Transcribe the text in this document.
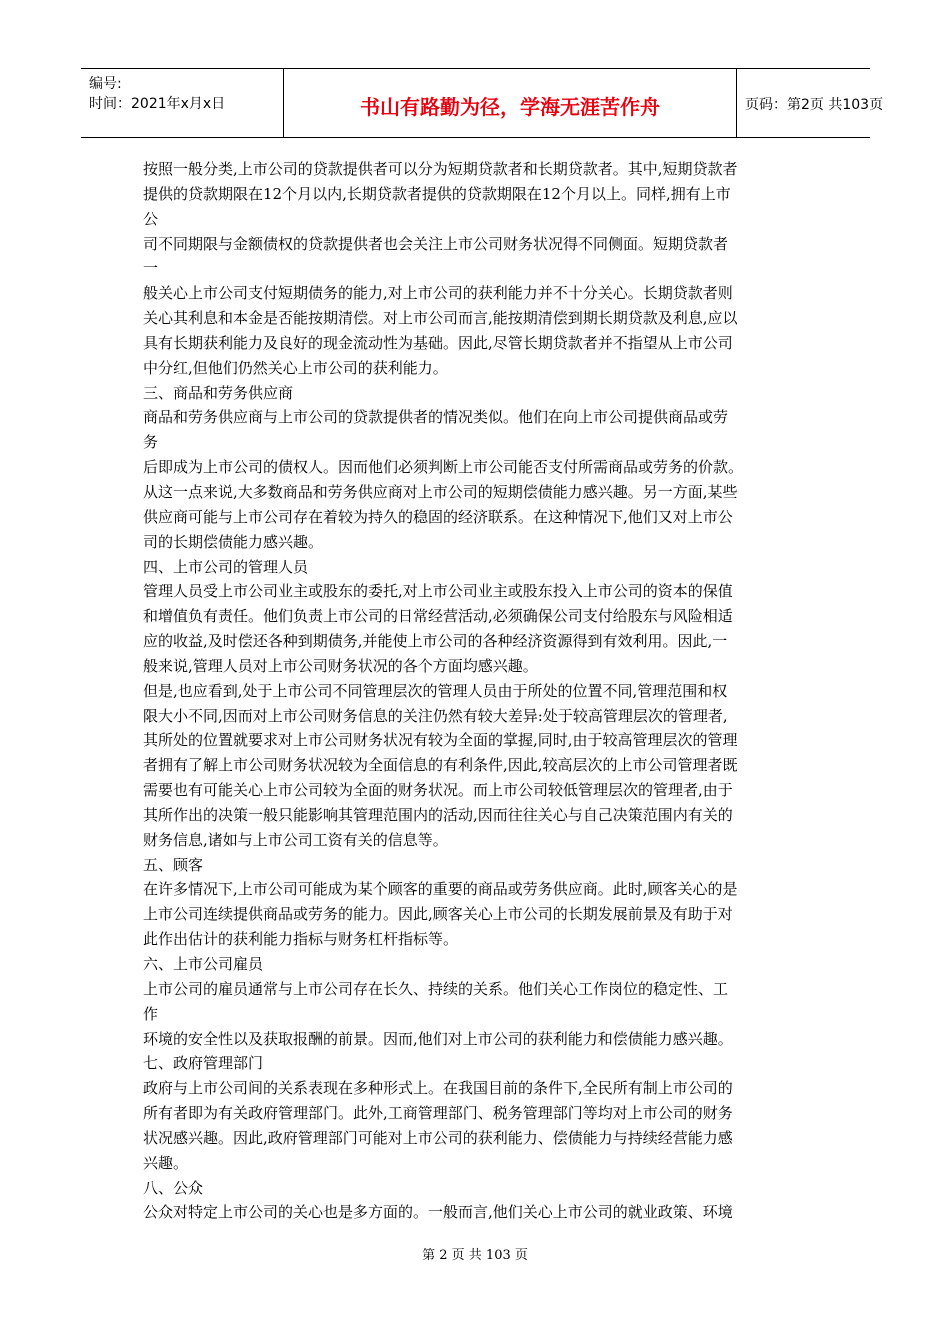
编号:
时间：2021年x月x日	书山有路勤为径，学海无涯苦作舟	页码：第2页 共103页
按照一般分类,上市公司的贷款提供者可以分为短期贷款者和长期贷款者。其中,短期贷款者
提供的贷款期限在12个月以内,长期贷款者提供的贷款期限在12个月以上。同样,拥有上市
公
司不同期限与金额债权的贷款提供者也会关注上市公司财务状况得不同侧面。短期贷款者
一
般关心上市公司支付短期债务的能力,对上市公司的获利能力并不十分关心。长期贷款者则
关心其利息和本金是否能按期清偿。对上市公司而言,能按期清偿到期长期贷款及利息,应以
具有长期获利能力及良好的现金流动性为基础。因此,尽管长期贷款者并不指望从上市公司
中分红,但他们仍然关心上市公司的获利能力。
三、商品和劳务供应商
商品和劳务供应商与上市公司的贷款提供者的情况类似。他们在向上市公司提供商品或劳
务
后即成为上市公司的债权人。因而他们必须判断上市公司能否支付所需商品或劳务的价款。
从这一点来说,大多数商品和劳务供应商对上市公司的短期偿债能力感兴趣。另一方面,某些
供应商可能与上市公司存在着较为持久的稳固的经济联系。在这种情况下,他们又对上市公
司的长期偿债能力感兴趣。
四、上市公司的管理人员
管理人员受上市公司业主或股东的委托,对上市公司业主或股东投入上市公司的资本的保值
和增值负有责任。他们负责上市公司的日常经营活动,必须确保公司支付给股东与风险相适
应的收益,及时偿还各种到期债务,并能使上市公司的各种经济资源得到有效利用。因此,一
般来说,管理人员对上市公司财务状况的各个方面均感兴趣。
但是,也应看到,处于上市公司不同管理层次的管理人员由于所处的位置不同,管理范围和权
限大小不同,因而对上市公司财务信息的关注仍然有较大差异:处于较高管理层次的管理者,
其所处的位置就要求对上市公司财务状况有较为全面的掌握,同时,由于较高管理层次的管理
者拥有了解上市公司财务状况较为全面信息的有利条件,因此,较高层次的上市公司管理者既
需要也有可能关心上市公司较为全面的财务状况。而上市公司较低管理层次的管理者,由于
其所作出的决策一般只能影响其管理范围内的活动,因而往往关心与自己决策范围内有关的
财务信息,诸如与上市公司工资有关的信息等。
五、顾客
在许多情况下,上市公司可能成为某个顾客的重要的商品或劳务供应商。此时,顾客关心的是
上市公司连续提供商品或劳务的能力。因此,顾客关心上市公司的长期发展前景及有助于对
此作出估计的获利能力指标与财务杠杆指标等。
六、上市公司雇员
上市公司的雇员通常与上市公司存在长久、持续的关系。他们关心工作岗位的稳定性、工
作
环境的安全性以及获取报酬的前景。因而,他们对上市公司的获利能力和偿债能力感兴趣。
七、政府管理部门
政府与上市公司间的关系表现在多种形式上。在我国目前的条件下,全民所有制上市公司的
所有者即为有关政府管理部门。此外,工商管理部门、税务管理部门等均对上市公司的财务
状况感兴趣。因此,政府管理部门可能对上市公司的获利能力、偿债能力与持续经营能力感
兴趣。
八、公众
公众对特定上市公司的关心也是多方面的。一般而言,他们关心上市公司的就业政策、环境
第 2 页 共 103 页
